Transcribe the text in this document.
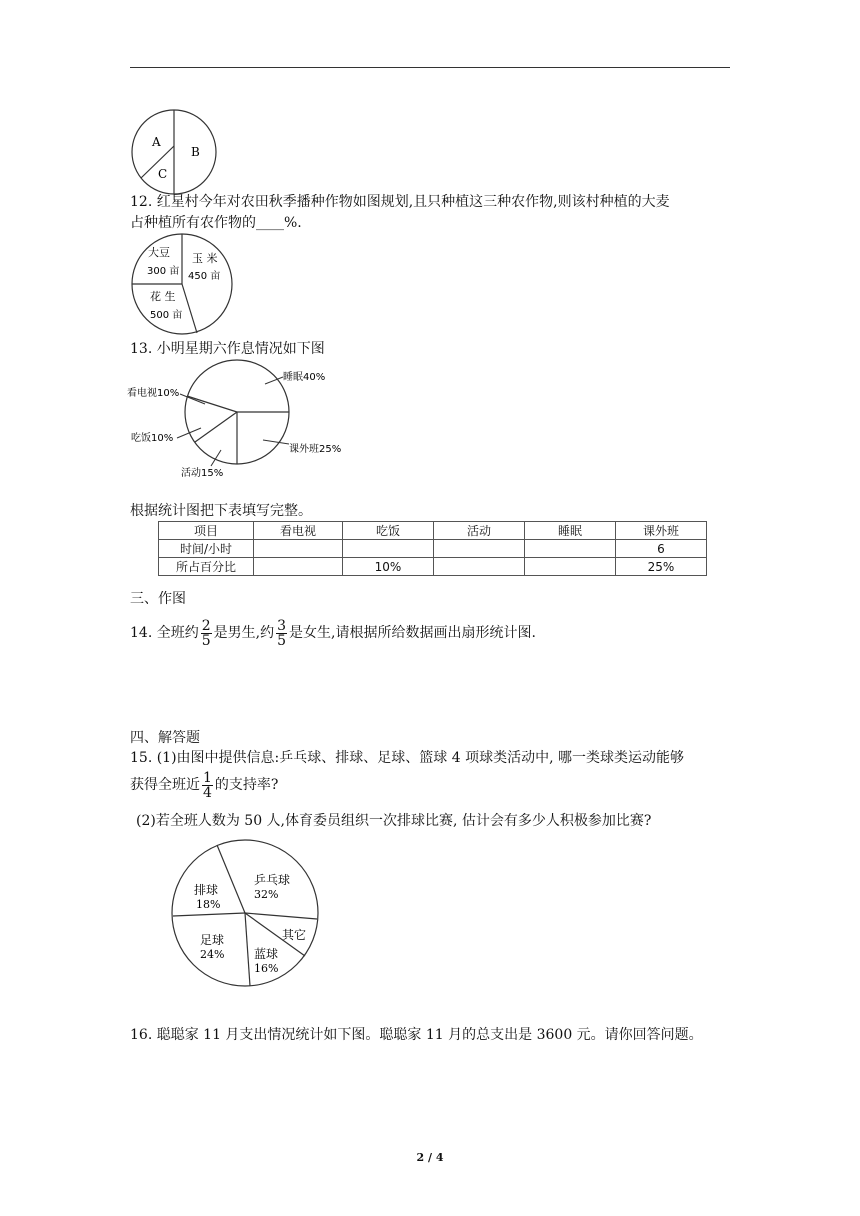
A
B
C
12. 红星村今年对农田秋季播种作物如图规划,且只种植这三种农作物,则该村种植的大麦
占种植所有农作物的____%.
大豆
300 亩
玉 米
450 亩
花 生
500 亩
13. 小明星期六作息情况如下图
睡眠40%
看电视10%
吃饭10%
活动15%
课外班25%
根据统计图把下表填写完整。
项目	看电视	吃饭	活动	睡眠	课外班
时间/小时					6
所占百分比		10%			25%
三、作图
14. 全班约 $\frac{2}{5}$ 是男生,约 $\frac{3}{5}$ 是女生,请根据所给数据画出扇形统计图.
四、解答题
15. (1)由图中提供信息:乒乓球、排球、足球、篮球 4 项球类活动中, 哪一类球类运动能够
获得全班近 $\frac{1}{4}$ 的支持率?
(2)若全班人数为 50 人,体育委员组织一次排球比赛, 估计会有多少人积极参加比赛?
乒乓球
32%
排球
18%
足球
24% 蓝球
16%
其它
16. 聪聪家 11 月支出情况统计如下图。聪聪家 11 月的总支出是 3600 元。请你回答问题。
2 / 4
